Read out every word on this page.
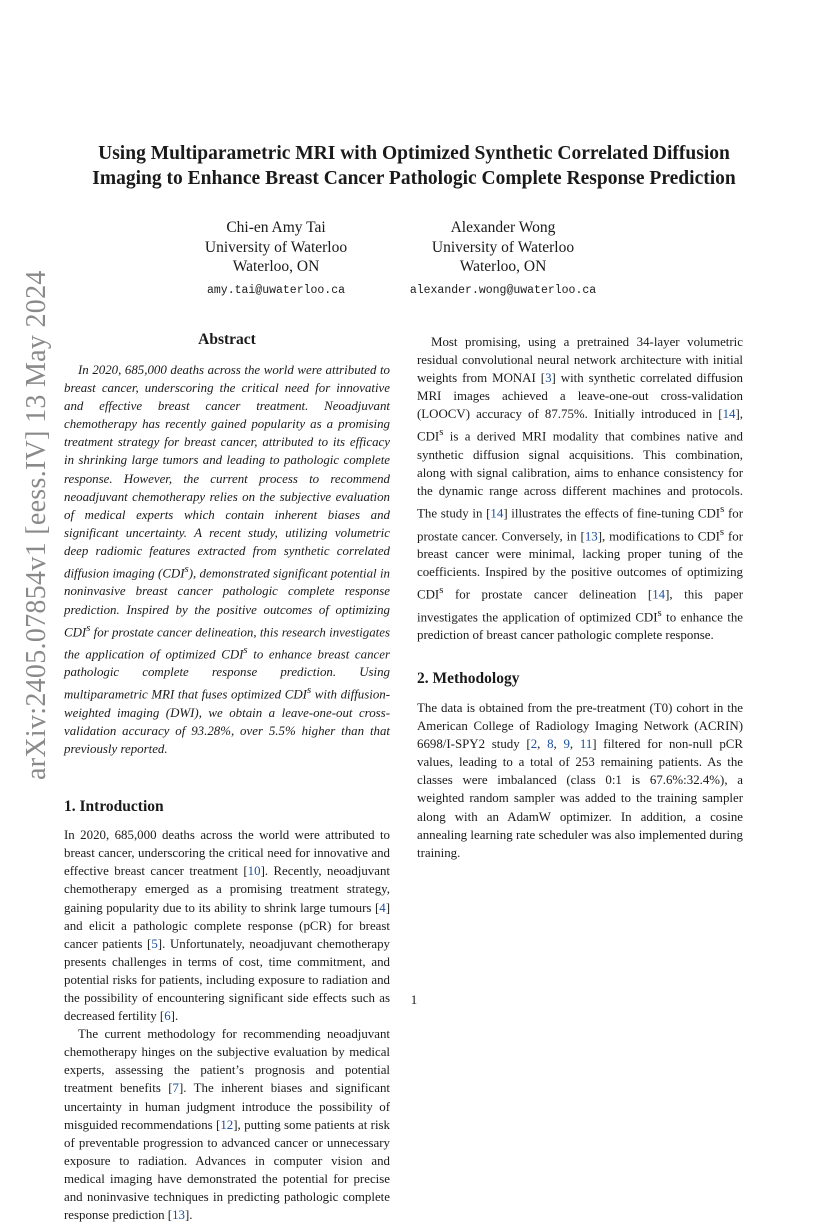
arXiv:2405.07854v1 [eess.IV] 13 May 2024
Using Multiparametric MRI with Optimized Synthetic Correlated Diffusion Imaging to Enhance Breast Cancer Pathologic Complete Response Prediction
Chi-en Amy Tai
University of Waterloo
Waterloo, ON
amy.tai@uwaterloo.ca
Alexander Wong
University of Waterloo
Waterloo, ON
alexander.wong@uwaterloo.ca
Abstract

In 2020, 685,000 deaths across the world were attributed to breast cancer, underscoring the critical need for innovative and effective breast cancer treatment. Neoadjuvant chemotherapy has recently gained popularity as a promising treatment strategy for breast cancer, attributed to its efficacy in shrinking large tumors and leading to pathologic complete response. However, the current process to recommend neoadjuvant chemotherapy relies on the subjective evaluation of medical experts which contain inherent biases and significant uncertainty. A recent study, utilizing volumetric deep radiomic features extracted from synthetic correlated diffusion imaging (CDI$^s$), demonstrated significant potential in noninvasive breast cancer pathologic complete response prediction. Inspired by the positive outcomes of optimizing CDI$^s$ for prostate cancer delineation, this research investigates the application of optimized CDI$^s$ to enhance breast cancer pathologic complete response prediction. Using multiparametric MRI that fuses optimized CDI$^s$ with diffusion-weighted imaging (DWI), we obtain a leave-one-out cross-validation accuracy of 93.28%, over 5.5% higher than that previously reported.

1. Introduction

In 2020, 685,000 deaths across the world were attributed to breast cancer, underscoring the critical need for innovative and effective breast cancer treatment [10]. Recently, neoadjuvant chemotherapy emerged as a promising treatment strategy, gaining popularity due to its ability to shrink large tumours [4] and elicit a pathologic complete response (pCR) for breast cancer patients [5]. Unfortunately, neoadjuvant chemotherapy presents challenges in terms of cost, time commitment, and potential risks for patients, including exposure to radiation and the possibility of encountering significant side effects such as decreased fertility [6].

The current methodology for recommending neoadjuvant chemotherapy hinges on the subjective evaluation by medical experts, assessing the patient’s prognosis and potential treatment benefits [7]. The inherent biases and significant uncertainty in human judgment introduce the possibility of misguided recommendations [12], putting some patients at risk of preventable progression to advanced cancer or unnecessary exposure to radiation. Advances in computer vision and medical imaging have demonstrated the potential for precise and noninvasive techniques in predicting pathologic complete response prediction [13].

Most promising, using a pretrained 34-layer volumetric residual convolutional neural network architecture with initial weights from MONAI [3] with synthetic correlated diffusion MRI images achieved a leave-one-out cross-validation (LOOCV) accuracy of 87.75%. Initially introduced in [14], CDI$^s$ is a derived MRI modality that combines native and synthetic diffusion signal acquisitions. This combination, along with signal calibration, aims to enhance consistency for the dynamic range across different machines and protocols. The study in [14] illustrates the effects of fine-tuning CDI$^s$ for prostate cancer. Conversely, in [13], modifications to CDI$^s$ for breast cancer were minimal, lacking proper tuning of the coefficients. Inspired by the positive outcomes of optimizing CDI$^s$ for prostate cancer delineation [14], this paper investigates the application of optimized CDI$^s$ to enhance the prediction of breast cancer pathologic complete response.

2. Methodology

The data is obtained from the pre-treatment (T0) cohort in the American College of Radiology Imaging Network (ACRIN) 6698/I-SPY2 study [2, 8, 9, 11] filtered for non-null pCR values, leading to a total of 253 remaining patients. As the classes were imbalanced (class 0:1 is 67.6%:32.4%), a weighted random sampler was added to the training sampler along with an AdamW optimizer. In addition, a cosine annealing learning rate scheduler was also implemented during training.

1
